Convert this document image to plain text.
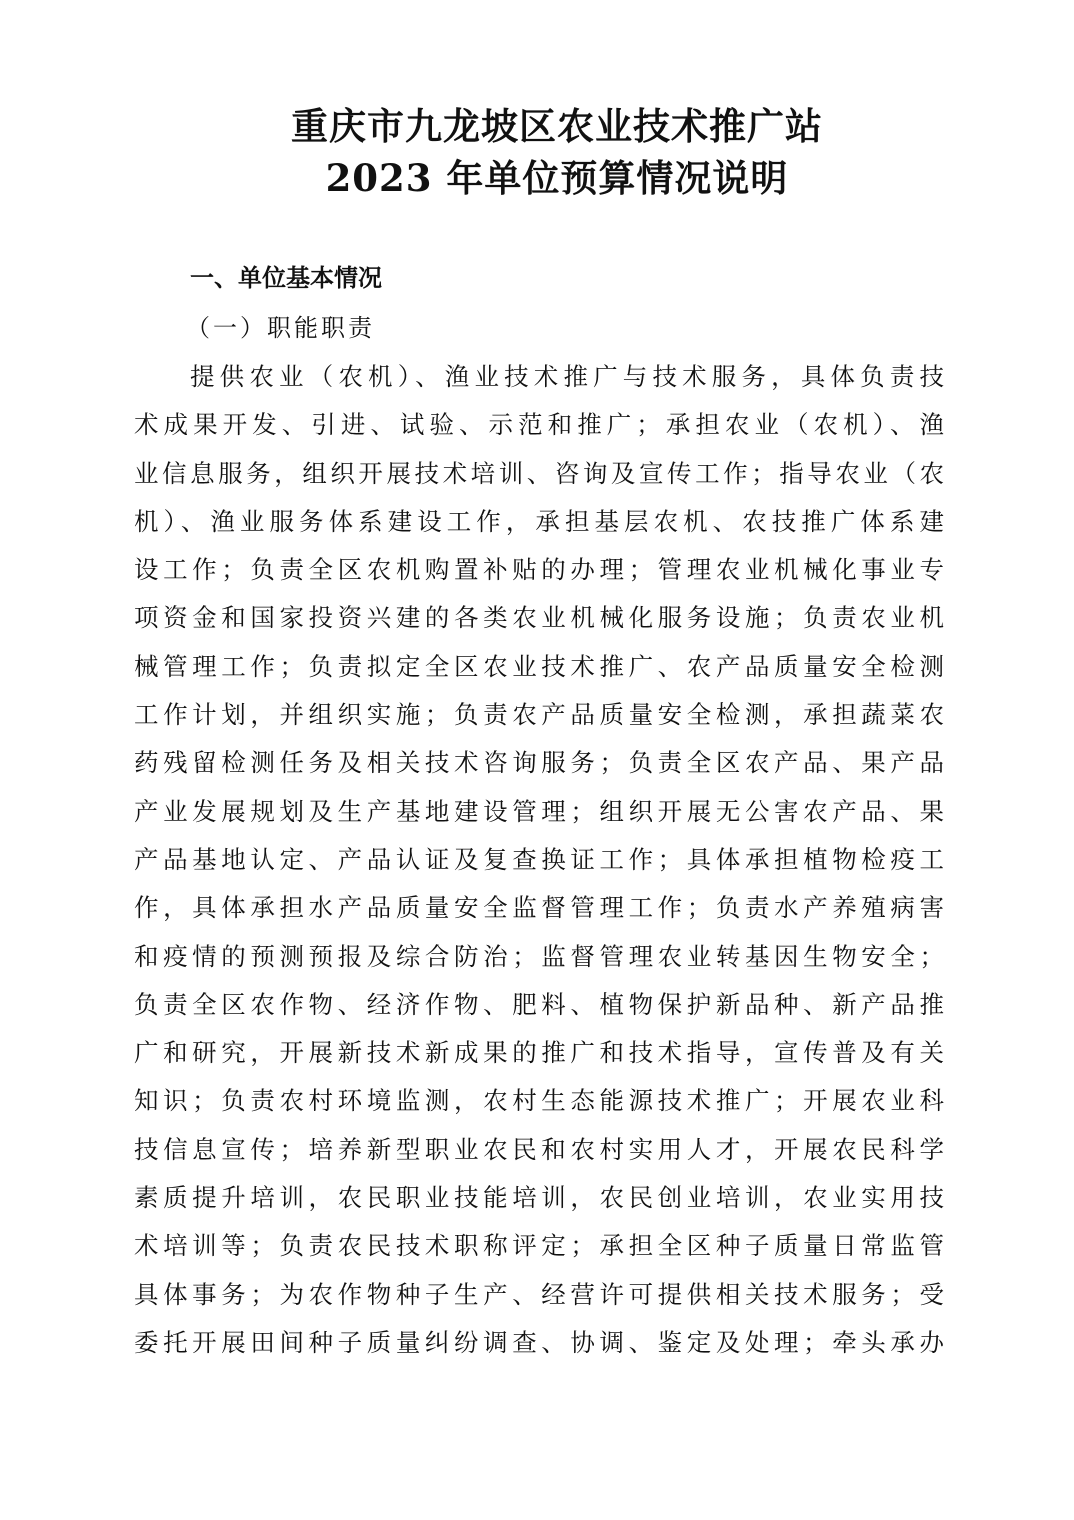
重庆市九龙坡区农业技术推广站
2023 年单位预算情况说明
一、单位基本情况
（一）职能职责
提供农业（农机）、渔业技术推广与技术服务，具体负责技
术成果开发、引进、试验、示范和推广；承担农业（农机）、渔
业信息服务，组织开展技术培训、咨询及宣传工作；指导农业（农
机）、渔业服务体系建设工作，承担基层农机、农技推广体系建
设工作；负责全区农机购置补贴的办理；管理农业机械化事业专
项资金和国家投资兴建的各类农业机械化服务设施；负责农业机
械管理工作；负责拟定全区农业技术推广、农产品质量安全检测
工作计划，并组织实施；负责农产品质量安全检测，承担蔬菜农
药残留检测任务及相关技术咨询服务；负责全区农产品、果产品
产业发展规划及生产基地建设管理；组织开展无公害农产品、果
产品基地认定、产品认证及复查换证工作；具体承担植物检疫工
作，具体承担水产品质量安全监督管理工作；负责水产养殖病害
和疫情的预测预报及综合防治；监督管理农业转基因生物安全；
负责全区农作物、经济作物、肥料、植物保护新品种、新产品推
广和研究，开展新技术新成果的推广和技术指导，宣传普及有关
知识；负责农村环境监测，农村生态能源技术推广；开展农业科
技信息宣传；培养新型职业农民和农村实用人才，开展农民科学
素质提升培训，农民职业技能培训，农民创业培训，农业实用技
术培训等；负责农民技术职称评定；承担全区种子质量日常监管
具体事务；为农作物种子生产、经营许可提供相关技术服务；受
委托开展田间种子质量纠纷调查、协调、鉴定及处理；牵头承办
